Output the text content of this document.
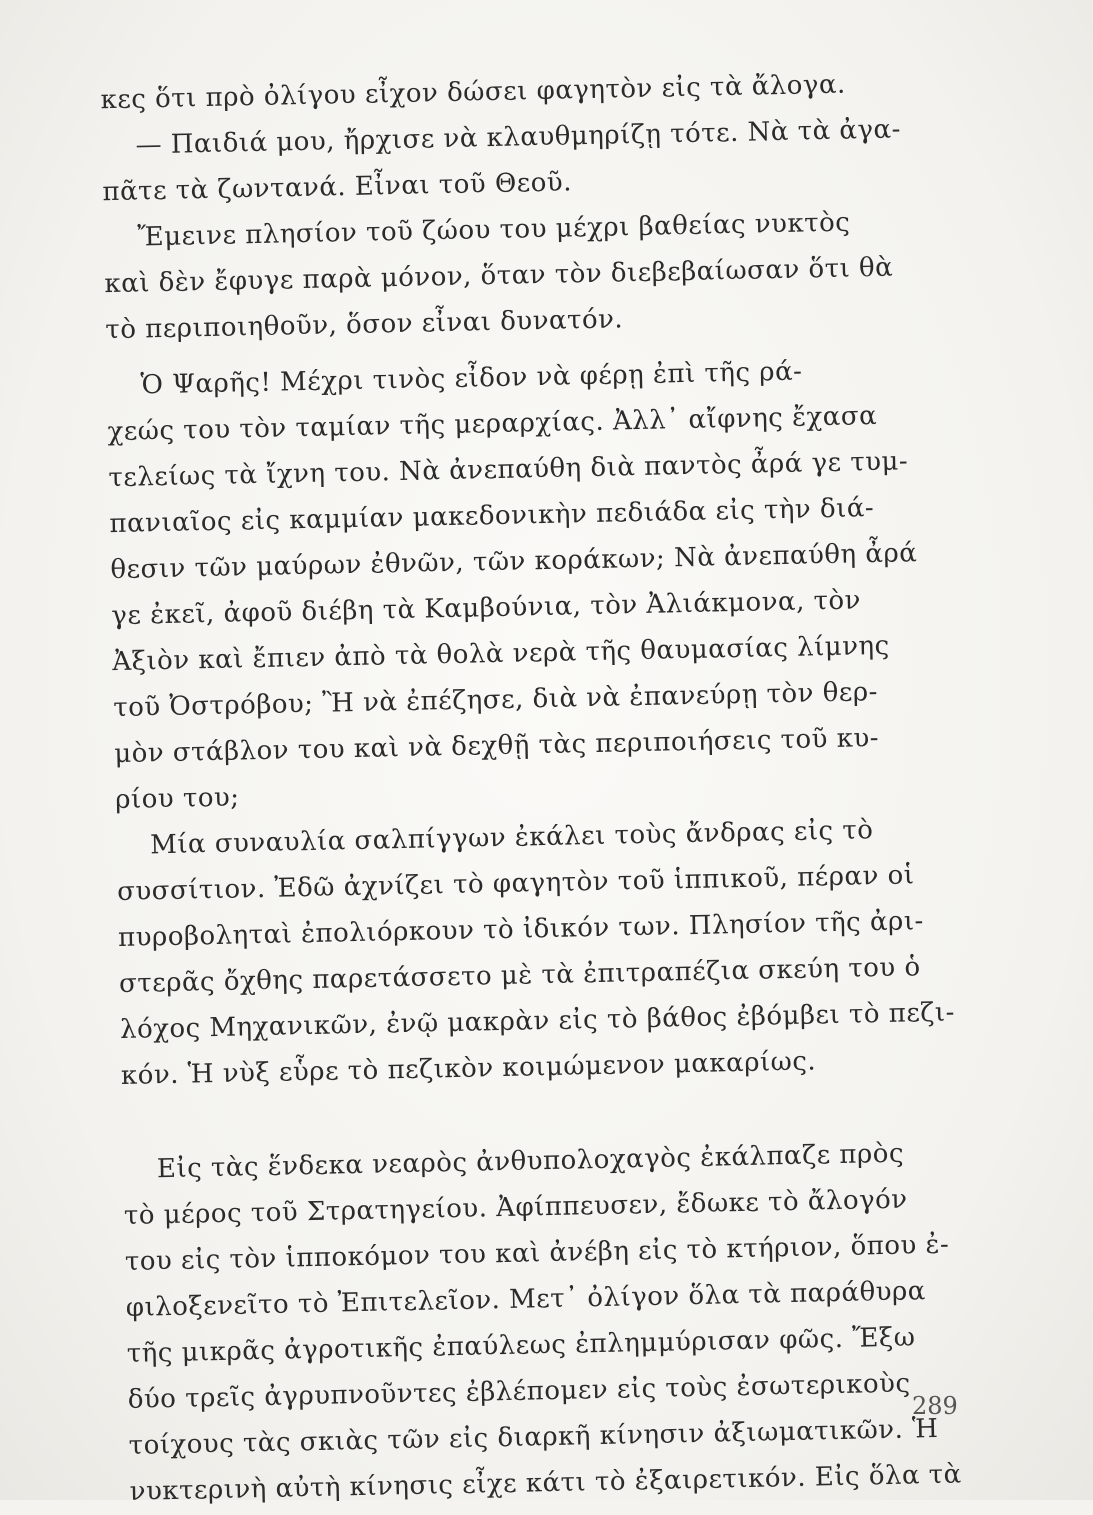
κες ὅτι πρὸ ὀλίγου εἶχον δώσει φαγητὸν εἰς τὰ ἄλογα.
— Παιδιά μου, ἤρχισε νὰ κλαυθμηρίζῃ τότε. Νὰ τὰ ἀγα-
πᾶτε τὰ ζωντανά. Εἶναι τοῦ Θεοῦ.
Ἔμεινε πλησίον τοῦ ζώου του μέχρι βαθείας νυκτὸς
καὶ δὲν ἔφυγε παρὰ μόνον, ὅταν τὸν διεβεβαίωσαν ὅτι θὰ
τὸ περιποιηθοῦν, ὅσον εἶναι δυνατόν.
Ὁ Ψαρῆς! Μέχρι τινὸς εἶδον νὰ φέρῃ ἐπὶ τῆς ρά-
χεώς του τὸν ταμίαν τῆς μεραρχίας. Ἀλλ᾽ αἴφνης ἔχασα
τελείως τὰ ἴχνη του. Νὰ ἀνεπαύθη διὰ παντὸς ἆρά γε τυμ-
πανιαῖος εἰς καμμίαν μακεδονικὴν πεδιάδα εἰς τὴν διά-
θεσιν τῶν μαύρων ἐθνῶν, τῶν κοράκων; Νὰ ἀνεπαύθη ἆρά
γε ἐκεῖ, ἀφοῦ διέβη τὰ Καμβούνια, τὸν Ἀλιάκμονα, τὸν
Ἀξιὸν καὶ ἔπιεν ἀπὸ τὰ θολὰ νερὰ τῆς θαυμασίας λίμνης
τοῦ Ὀστρόβου; Ἢ νὰ ἐπέζησε, διὰ νὰ ἐπανεύρῃ τὸν θερ-
μὸν στάβλον του καὶ νὰ δεχθῇ τὰς περιποιήσεις τοῦ κυ-
ρίου του;
Μία συναυλία σαλπίγγων ἐκάλει τοὺς ἄνδρας εἰς τὸ
συσσίτιον. Ἐδῶ ἀχνίζει τὸ φαγητὸν τοῦ ἱππικοῦ, πέραν οἱ
πυροβοληταὶ ἐπολιόρκουν τὸ ἰδικόν των. Πλησίον τῆς ἀρι-
στερᾶς ὄχθης παρετάσσετο μὲ τὰ ἐπιτραπέζια σκεύη του ὁ
λόχος Μηχανικῶν, ἐνῷ μακρὰν εἰς τὸ βάθος ἐβόμβει τὸ πεζι-
κόν. Ἡ νὺξ εὗρε τὸ πεζικὸν κοιμώμενον μακαρίως.
Εἰς τὰς ἕνδεκα νεαρὸς ἀνθυπολοχαγὸς ἐκάλπαζε πρὸς
τὸ μέρος τοῦ Στρατηγείου. Ἀφίππευσεν, ἔδωκε τὸ ἄλογόν
του εἰς τὸν ἱπποκόμον του καὶ ἀνέβη εἰς τὸ κτήριον, ὅπου ἐ-
φιλοξενεῖτο τὸ Ἐπιτελεῖον. Μετ᾽ ὀλίγον ὅλα τὰ παράθυρα
τῆς μικρᾶς ἀγροτικῆς ἐπαύλεως ἐπλημμύρισαν φῶς. Ἔξω
δύο τρεῖς ἀγρυπνοῦντες ἐβλέπομεν εἰς τοὺς ἐσωτερικοὺς
τοίχους τὰς σκιὰς τῶν εἰς διαρκῆ κίνησιν ἀξιωματικῶν. Ἡ
νυκτερινὴ αὐτὴ κίνησις εἶχε κάτι τὸ ἐξαιρετικόν. Εἰς ὅλα τὰ
289
